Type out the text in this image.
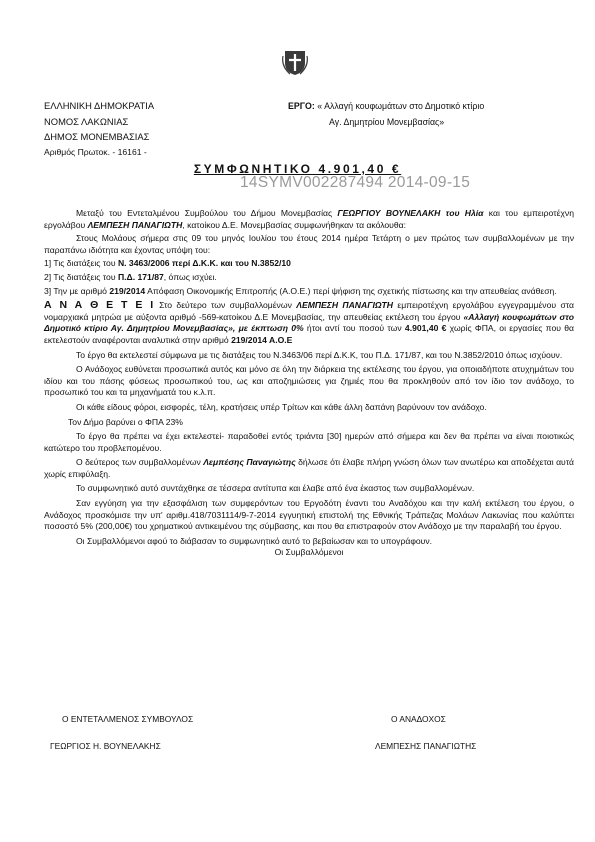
ΕΛΛΗΝΙΚΗ ΔΗΜΟΚΡΑΤΙΑ
ΝΟΜΟΣ ΛΑΚΩΝΙΑΣ
ΔΗΜΟΣ ΜΟΝΕΜΒΑΣΙΑΣ
Αριθμός Πρωτοκ. - 16161 -
ΕΡΓΟ: « Αλλαγή κουφωμάτων στο Δημοτικό κτίριο
Αγ. Δημητρίου Μονεμβασίας»
ΣΥΜΦΩΝΗΤΙΚΟ 4.901,40 €
14SYMV002287494 2014-09-15

Μεταξύ του Εντεταλμένου Συμβούλου του Δήμου Μονεμβασίας ΓΕΩΡΓΙΟΥ ΒΟΥΝΕΛΑΚΗ του Ηλία και του εμπειροτέχνη εργολάβου ΛΕΜΠΕΣΗ ΠΑΝΑΓΙΩΤΗ, κατοίκου Δ.Ε. Μονεμβασίας συμφωνήθηκαν τα ακόλουθα:

Στους Μολάους σήμερα στις 09 του μηνός Ιουλίου του έτους 2014 ημέρα Τετάρτη ο μεν πρώτος των συμβαλλομένων με την παραπάνω ιδιότητα και έχοντας υπόψη του:

1] Τις διατάξεις του Ν. 3463/2006 περί Δ.Κ.Κ. και του Ν.3852/10

2] Τις διατάξεις του Π.Δ. 171/87, όπως ισχύει.

3] Την με αριθμό 219/2014 Απόφαση Οικονομικής Επιτροπής (Α.Ο.Ε.) περί ψήφιση της σχετικής πίστωσης και την απευθείας ανάθεση.

Α Ν Α Θ Ε Τ Ε Ι Στο δεύτερο των συμβαλλομένων ΛΕΜΠΕΣΗ ΠΑΝΑΓΙΩΤΗ εμπειροτέχνη εργολάβου εγγεγραμμένου στα νομαρχιακά μητρώα με αύξοντα αριθμό -569-κατοίκου Δ.Ε Μονεμβασίας, την απευθείας εκτέλεση του έργου «Αλλαγή κουφωμάτων στο Δημοτικό κτίριο Αγ. Δημητρίου Μονεμβασίας», με έκπτωση 0% ήτοι αντί του ποσού των 4.901,40 € χωρίς ΦΠΑ, οι εργασίες που θα εκτελεστούν αναφέρονται αναλυτικά στην αριθμό 219/2014 Α.Ο.Ε

Το έργο θα εκτελεστεί σύμφωνα με τις διατάξεις του Ν.3463/06 περί Δ.Κ.Κ, του Π.Δ. 171/87, και του Ν.3852/2010 όπως ισχύουν.

Ο Ανάδοχος ευθύνεται προσωπικά αυτός και μόνο σε όλη την διάρκεια της εκτέλεσης του έργου, για οποιαδήποτε ατυχημάτων του ιδίου και του πάσης φύσεως προσωπικού του, ως και αποζημιώσεις για ζημιές που θα προκληθούν από τον ίδιο τον ανάδοχο, το προσωπικό του και τα μηχανήματά του κ.λ.π.

Οι κάθε είδους φόροι, εισφορές, τέλη, κρατήσεις υπέρ Τρίτων και κάθε άλλη δαπάνη βαρύνουν τον ανάδοχο.

Τον Δήμο βαρύνει ο ΦΠΑ 23%

Το έργο θα πρέπει να έχει εκτελεστεί- παραδοθεί εντός τριάντα [30] ημερών από σήμερα και δεν θα πρέπει να είναι ποιοτικώς κατώτερο του προβλεπομένου.

Ο δεύτερος των συμβαλλομένων Λεμπέσης Παναγιώτης δήλωσε ότι έλαβε πλήρη γνώση όλων των ανωτέρω και αποδέχεται αυτά χωρίς επιφύλαξη.

Το συμφωνητικό αυτό συντάχθηκε σε τέσσερα αντίτυπα και έλαβε από ένα έκαστος των συμβαλλομένων.

Σαν εγγύηση για την εξασφάλιση των συμφερόντων του Εργοδότη έναντι του Αναδόχου και την καλή εκτέλεση του έργου, ο Ανάδοχος προσκόμισε την υπ' αριθμ.418/7031114/9-7-2014 εγγυητική επιστολή της Εθνικής Τράπεζας Μολάων Λακωνίας που καλύπτει ποσοστό 5% (200,00€) του χρηματικού αντικειμένου της σύμβασης, και που θα επιστραφούν στον Ανάδοχο με την παραλαβή του έργου.

Οι Συμβαλλόμενοι αφού το διάβασαν το συμφωνητικό αυτό το βεβαίωσαν και το υπογράφουν.

Οι Συμβαλλόμενοι

Ο ΕΝΤΕΤΑΛΜΕΝΟΣ ΣΥΜΒΟΥΛΟΣ	Ο ΑΝΑΔΟΧΟΣ
ΓΕΩΡΓΙΟΣ Η. ΒΟΥΝΕΛΑΚΗΣ	ΛΕΜΠΕΣΗΣ ΠΑΝΑΓΙΩΤΗΣ
